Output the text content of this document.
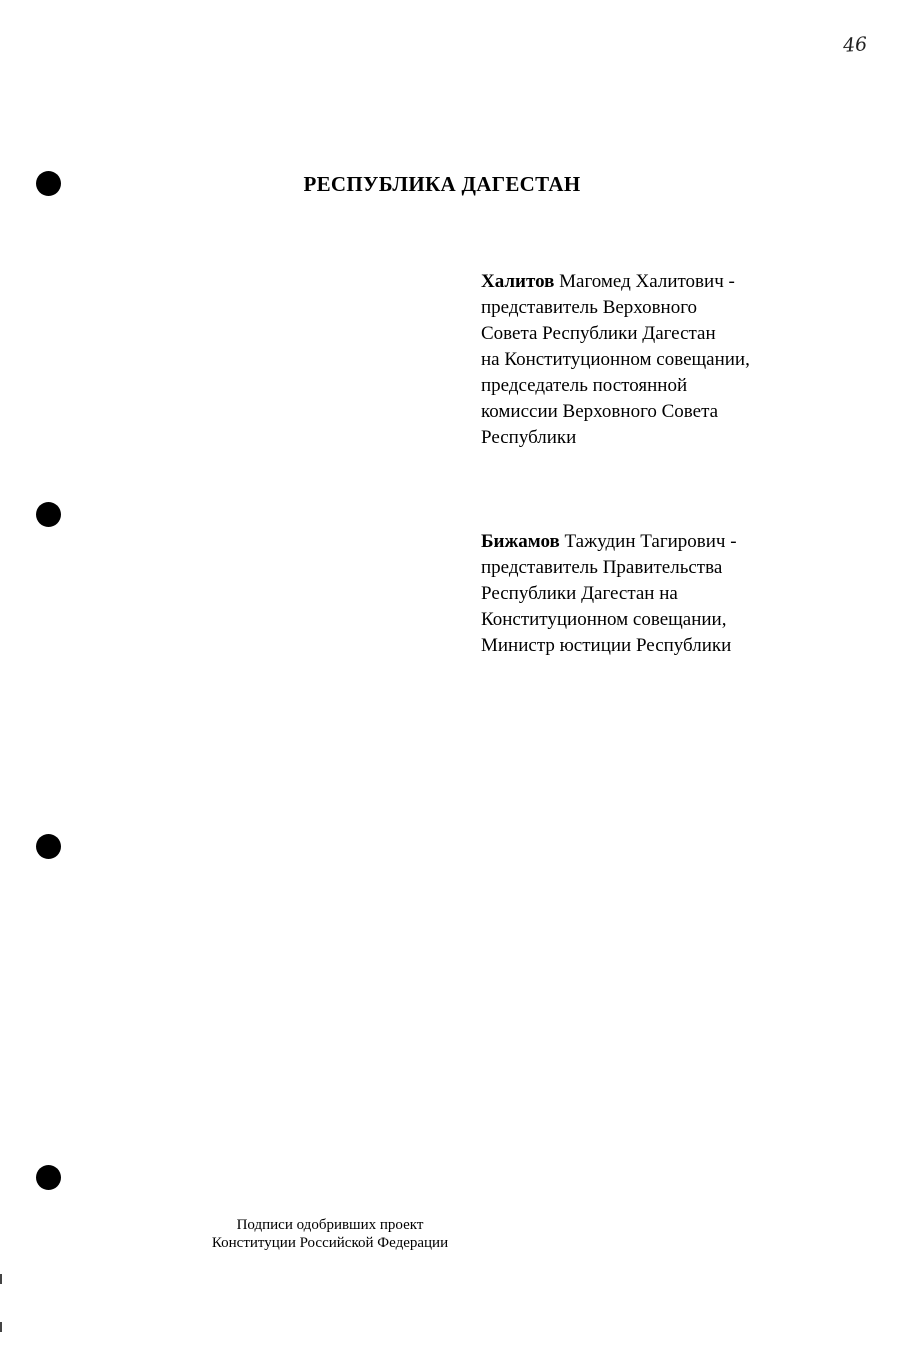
46
РЕСПУБЛИКА ДАГЕСТАН
Халитов Магомед Халитович -
представитель Верховного
Совета Республики Дагестан
на Конституционном совещании,
председатель постоянной
комиссии Верховного Совета
Республики
Бижамов Тажудин Тагирович -
представитель Правительства
Республики Дагестан на
Конституционном совещании,
Министр юстиции Республики
Подписи одобривших проект
Конституции Российской Федерации
